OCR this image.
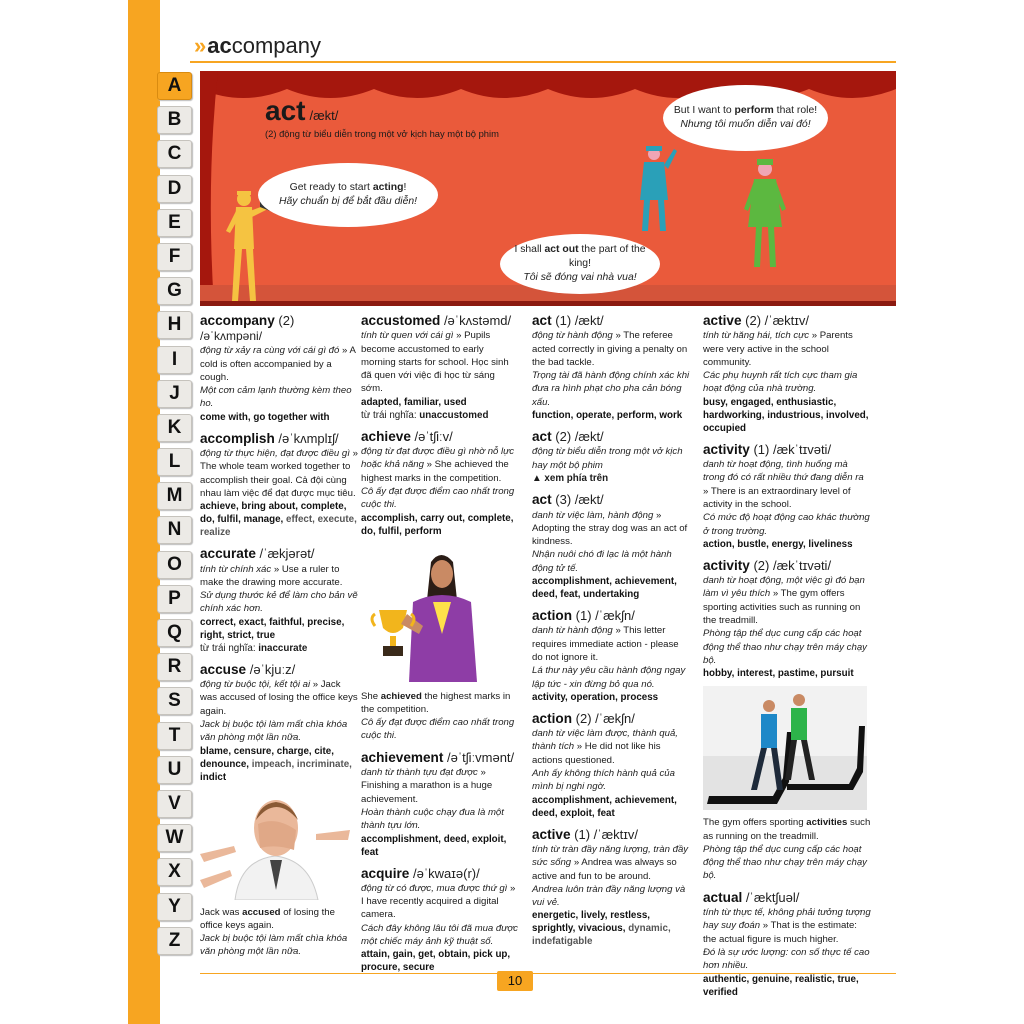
» accompany
A
B
C
D
E
F
G
H
I
J
K
L
M
N
O
P
Q
R
S
T
U
V
W
X
Y
Z
act /ækt/
(2) động từ biểu diễn trong một vở kịch hay một bộ phim
Get ready to start acting!
Hãy chuẩn bị để bắt đầu diễn!
I shall act out the part of the king!
Tôi sẽ đóng vai nhà vua!
But I want to perform that role!
Nhưng tôi muốn diễn vai đó!
accompany (2)
/əˈkʌmpəni/
động từ xảy ra cùng với cái gì đó » A cold is often accompanied by a cough.
Một cơn cảm lạnh thường kèm theo ho.
come with, go together with
accomplish /əˈkʌmplɪʃ/
động từ thực hiện, đạt được điều gì » The whole team worked together to accomplish their goal. Cả đội cùng nhau làm việc để đạt được mục tiêu.
achieve, bring about, complete, do, fulfil, manage, effect, execute, realize
accurate /ˈækjərət/
tính từ chính xác » Use a ruler to make the drawing more accurate.
Sử dụng thước kẻ để làm cho bản vẽ chính xác hơn.
correct, exact, faithful, precise, right, strict, true
từ trái nghĩa: inaccurate
accuse /əˈkjuːz/
động từ buộc tội, kết tội ai » Jack was accused of losing the office keys again.
Jack bị buộc tội làm mất chìa khóa văn phòng một lần nữa.
blame, censure, charge, cite, denounce, impeach, incriminate, indict
Jack was accused of losing the office keys again.
Jack bị buộc tội làm mất chìa khóa văn phòng một lần nữa.
accustomed /əˈkʌstəmd/
tính từ quen với cái gì » Pupils become accustomed to early morning starts for school. Học sinh đã quen với việc đi học từ sáng sớm.
adapted, familiar, used
từ trái nghĩa: unaccustomed
achieve /əˈtʃiːv/
động từ đạt được điều gì nhờ nỗ lực hoặc khả năng » She achieved the highest marks in the competition.
Cô ấy đạt được điểm cao nhất trong cuộc thi.
accomplish, carry out, complete, do, fulfil, perform
She achieved the highest marks in the competition.
Cô ấy đạt được điểm cao nhất trong cuộc thi.
achievement /əˈtʃiːvmənt/
danh từ thành tựu đạt được » Finishing a marathon is a huge achievement.
Hoàn thành cuộc chạy đua là một thành tựu lớn.
accomplishment, deed, exploit, feat
acquire /əˈkwaɪə(r)/
động từ có được, mua được thứ gì » I have recently acquired a digital camera.
Cách đây không lâu tôi đã mua được một chiếc máy ảnh kỹ thuật số.
attain, gain, get, obtain, pick up, procure, secure
act (1) /ækt/
động từ hành động » The referee acted correctly in giving a penalty on the bad tackle.
Trọng tài đã hành động chính xác khi đưa ra hình phạt cho pha cản bóng xấu.
function, operate, perform, work
act (2) /ækt/
động từ biểu diễn trong một vở kịch hay một bộ phim
▲ xem phía trên
act (3) /ækt/
danh từ việc làm, hành động » Adopting the stray dog was an act of kindness.
Nhận nuôi chó đi lạc là một hành động tử tế.
accomplishment, achievement, deed, feat, undertaking
action (1) /ˈækʃn/
danh từ hành động » This letter requires immediate action - please do not ignore it.
Lá thư này yêu cầu hành động ngay lập tức - xin đừng bỏ qua nó.
activity, operation, process
action (2) /ˈækʃn/
danh từ việc làm được, thành quả, thành tích » He did not like his actions questioned.
Anh ấy không thích hành quả của mình bị nghi ngờ.
accomplishment, achievement, deed, exploit, feat
active (1) /ˈæktɪv/
tính từ tràn đầy năng lượng, tràn đầy sức sống » Andrea was always so active and fun to be around.
Andrea luôn tràn đầy năng lượng và vui vẻ.
energetic, lively, restless, sprightly, vivacious, dynamic, indefatigable
active (2) /ˈæktɪv/
tính từ hăng hái, tích cực » Parents were very active in the school community.
Các phụ huynh rất tích cực tham gia hoạt động của nhà trường.
busy, engaged, enthusiastic, hardworking, industrious, involved, occupied
activity (1) /ækˈtɪvəti/
danh từ hoạt động, tình huống mà trong đó có rất nhiều thứ đang diễn ra » There is an extraordinary level of activity in the school.
Có mức độ hoạt động cao khác thường ở trong trường.
action, bustle, energy, liveliness
activity (2) /ækˈtɪvəti/
danh từ hoạt động, một việc gì đó bạn làm vì yêu thích » The gym offers sporting activities such as running on the treadmill.
Phòng tập thể dục cung cấp các hoạt động thể thao như chạy trên máy chạy bộ.
hobby, interest, pastime, pursuit
The gym offers sporting activities such as running on the treadmill.
Phòng tập thể dục cung cấp các hoạt động thể thao như chạy trên máy chạy bộ.
actual /ˈæktʃuəl/
tính từ thực tế, không phải tưởng tượng hay suy đoán » That is the estimate: the actual figure is much higher.
Đó là sự ước lượng: con số thực tế cao hơn nhiều.
authentic, genuine, realistic, true, verified
10
